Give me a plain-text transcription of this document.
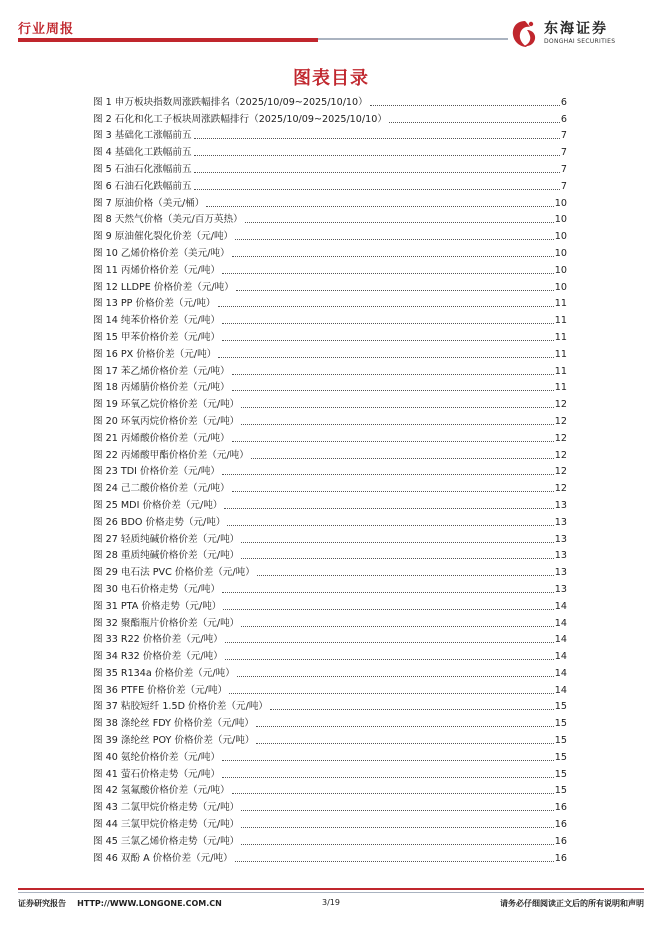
行业周报	东海证券
DONGHAI SECURITIES
图表目录
图 1 申万板块指数周涨跌幅排名（2025/10/09~2025/10/10）	6
图 2 石化和化工子板块周涨跌幅排行（2025/10/09~2025/10/10）	6
图 3 基础化工涨幅前五	7
图 4 基础化工跌幅前五	7
图 5 石油石化涨幅前五	7
图 6 石油石化跌幅前五	7
图 7 原油价格（美元/桶）	10
图 8 天然气价格（美元/百万英热）	10
图 9 原油催化裂化价差（元/吨）	10
图 10 乙烯价格价差（美元/吨）	10
图 11 丙烯价格价差（元/吨）	10
图 12 LLDPE 价格价差（元/吨）	10
图 13 PP 价格价差（元/吨）	11
图 14 纯苯价格价差（元/吨）	11
图 15 甲苯价格价差（元/吨）	11
图 16 PX 价格价差（元/吨）	11
图 17 苯乙烯价格价差（元/吨）	11
图 18 丙烯腈价格价差（元/吨）	11
图 19 环氧乙烷价格价差（元/吨）	12
图 20 环氧丙烷价格价差（元/吨）	12
图 21 丙烯酸价格价差（元/吨）	12
图 22 丙烯酸甲酯价格价差（元/吨）	12
图 23 TDI 价格价差（元/吨）	12
图 24 己二酸价格价差（元/吨）	12
图 25 MDI 价格价差（元/吨）	13
图 26 BDO 价格走势（元/吨）	13
图 27 轻质纯碱价格价差（元/吨）	13
图 28 重质纯碱价格价差（元/吨）	13
图 29 电石法 PVC 价格价差（元/吨）	13
图 30 电石价格走势（元/吨）	13
图 31 PTA 价格走势（元/吨）	14
图 32 聚酯瓶片价格价差（元/吨）	14
图 33 R22 价格价差（元/吨）	14
图 34 R32 价格价差（元/吨）	14
图 35 R134a 价格价差（元/吨）	14
图 36 PTFE 价格价差（元/吨）	14
图 37 粘胶短纤 1.5D 价格价差（元/吨）	15
图 38 涤纶丝 FDY 价格价差（元/吨）	15
图 39 涤纶丝 POY 价格价差（元/吨）	15
图 40 氨纶价格价差（元/吨）	15
图 41 萤石价格走势（元/吨）	15
图 42 氢氟酸价格价差（元/吨）	15
图 43 二氯甲烷价格走势（元/吨）	16
图 44 三氯甲烷价格走势（元/吨）	16
图 45 三氯乙烯价格走势（元/吨）	16
图 46 双酚 A 价格价差（元/吨）	16
证券研究报告    HTTP://WWW.LONGONE.COM.CN	3/19	请务必仔细阅读正文后的所有说明和声明
